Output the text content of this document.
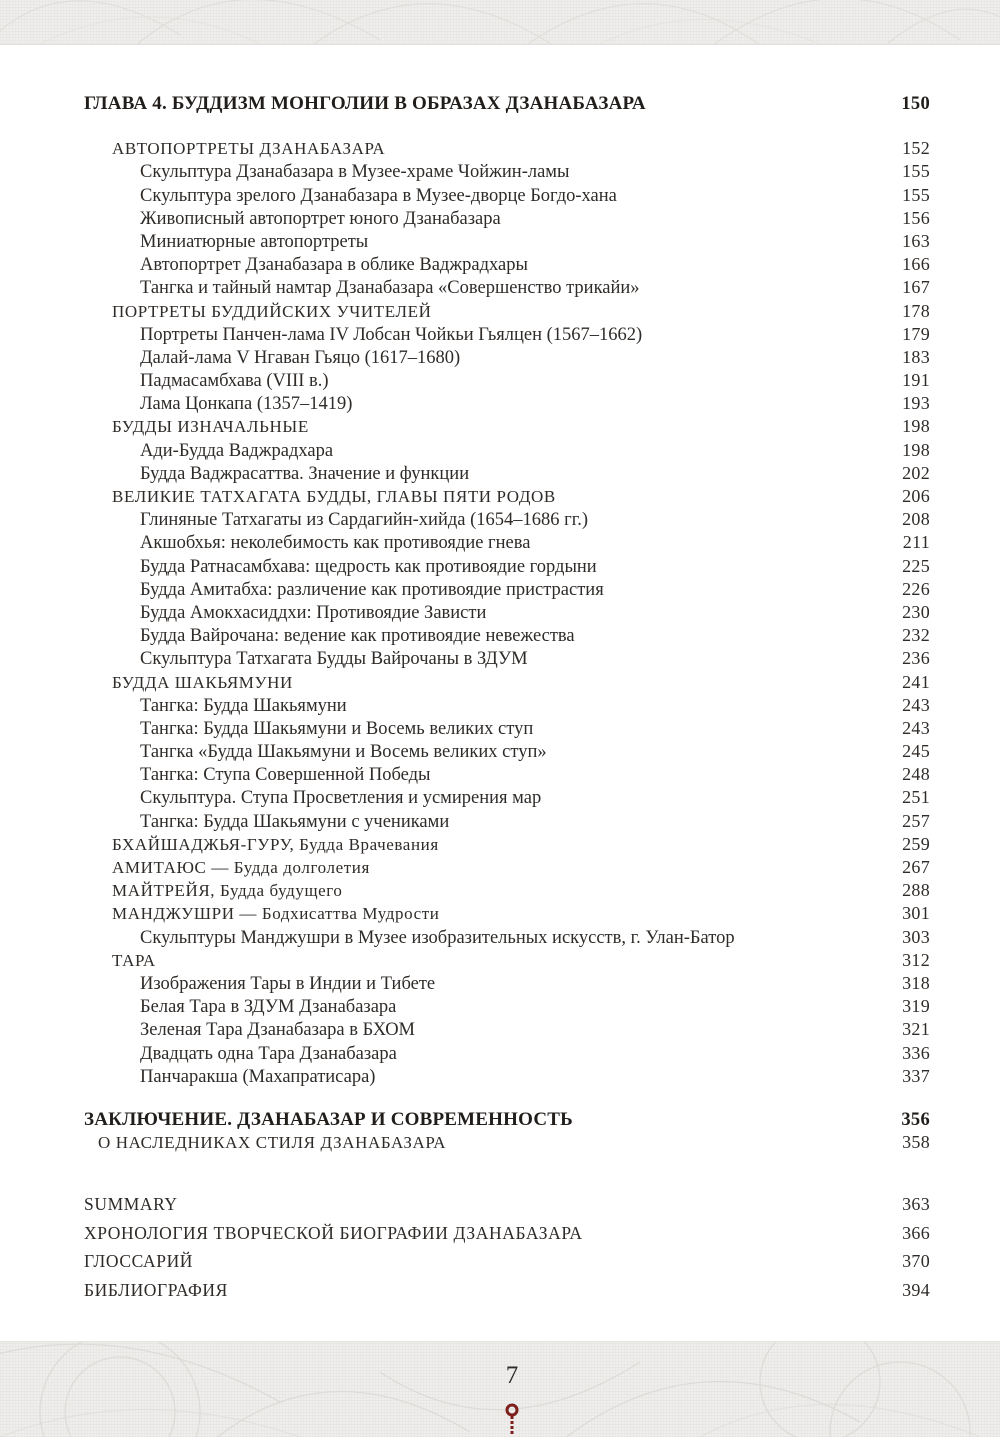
ГЛАВА 4. БУДДИЗМ МОНГОЛИИ В ОБРАЗАХ ДЗАНАБАЗАРА	150
АВТОПОРТРЕТЫ ДЗАНАБАЗАРА	152
Скульптура Дзанабазара в Музее-храме Чойжин-ламы	155
Скульптура зрелого Дзанабазара в Музее-дворце Богдо-хана	155
Живописный автопортрет юного Дзанабазара	156
Миниатюрные автопортреты	163
Автопортрет Дзанабазара в облике Ваджрадхары	166
Тангка и тайный намтар Дзанабазара «Совершенство трикайи»	167
ПОРТРЕТЫ БУДДИЙСКИХ УЧИТЕЛЕЙ	178
Портреты Панчен-лама IV Лобсан Чойкьи Гьялцен (1567–1662)	179
Далай-лама V Нгаван Гьяцо (1617–1680)	183
Падмасамбхава (VIII в.)	191
Лама Цонкапа (1357–1419)	193
БУДДЫ ИЗНАЧАЛЬНЫЕ	198
Ади-Будда Ваджрадхара	198
Будда Ваджрасаттва. Значение и функции	202
ВЕЛИКИЕ ТАТХАГАТА БУДДЫ, ГЛАВЫ ПЯТИ РОДОВ	206
Глиняные Татхагаты из Сардагийн-хийда (1654–1686 гг.)	208
Акшобхья: неколебимость как противоядие гнева	211
Будда Ратнасамбхава: щедрость как противоядие гордыни	225
Будда Амитабха: различение как противоядие пристрастия	226
Будда Амокхасиддхи: Противоядие Зависти	230
Будда Вайрочана: ведение как противоядие невежества	232
Скульптура Татхагата Будды Вайрочаны в ЗДУМ	236
БУДДА ШАКЬЯМУНИ	241
Тангка: Будда Шакьямуни	243
Тангка: Будда Шакьямуни и Восемь великих ступ	243
Тангка «Будда Шакьямуни и Восемь великих ступ»	245
Тангка: Ступа Совершенной Победы	248
Скульптура. Ступа Просветления и усмирения мар	251
Тангка: Будда Шакьямуни с учениками	257
БХАЙШАДЖЬЯ-ГУРУ, Будда Врачевания	259
АМИТАЮС — Будда долголетия	267
МАЙТРЕЙЯ, Будда будущего	288
МАНДЖУШРИ — Бодхисаттва Мудрости	301
Скульптуры Манджушри в Музее изобразительных искусств, г. Улан-Батор	303
ТАРА	312
Изображения Тары в Индии и Тибете	318
Белая Тара в ЗДУМ Дзанабазара	319
Зеленая Тара Дзанабазара в БХОМ	321
Двадцать одна Тара Дзанабазара	336
Панчаракша (Махапратисара)	337
ЗАКЛЮЧЕНИЕ. ДЗАНАБАЗАР И СОВРЕМЕННОСТЬ	356
О НАСЛЕДНИКАХ СТИЛЯ ДЗАНАБАЗАРА	358
SUMMARY	363
ХРОНОЛОГИЯ ТВОРЧЕСКОЙ БИОГРАФИИ ДЗАНАБАЗАРА	366
ГЛОССАРИЙ	370
БИБЛИОГРАФИЯ	394
7
